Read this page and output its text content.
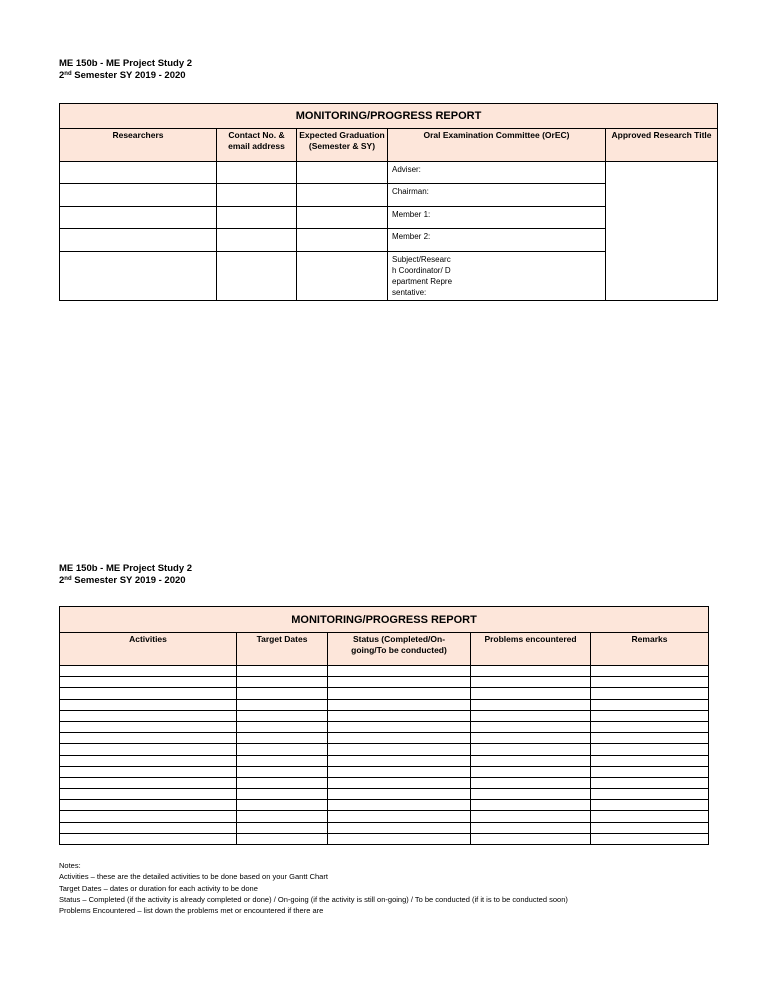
ME 150b - ME Project Study 2
2nd Semester SY 2019 - 2020
MONITORING/PROGRESS REPORT				
Researchers	Contact No. & email address	Expected Graduation (Semester & SY)	Oral Examination Committee (OrEC)	Approved Research Title
			Adviser:	
			Chairman:	
			Member 1:	
			Member 2:	

			Subject/Research Coordinator/ Department Representative:	
ME 150b - ME Project Study 2
2nd Semester SY 2019 - 2020
MONITORING/PROGRESS REPORT				
Activities	Target Dates	Status (Completed/On-going/To be conducted)	Problems encountered	Remarks

Notes:
Activities – these are the detailed activities to be done based on your Gantt Chart
Target Dates – dates or duration for each activity to be done
Status – Completed (if the activity is already completed or done) / On-going (if the activity is still on-going) / To be conducted (if it is to be conducted soon)
Problems Encountered – list down the problems met or encountered if there are
